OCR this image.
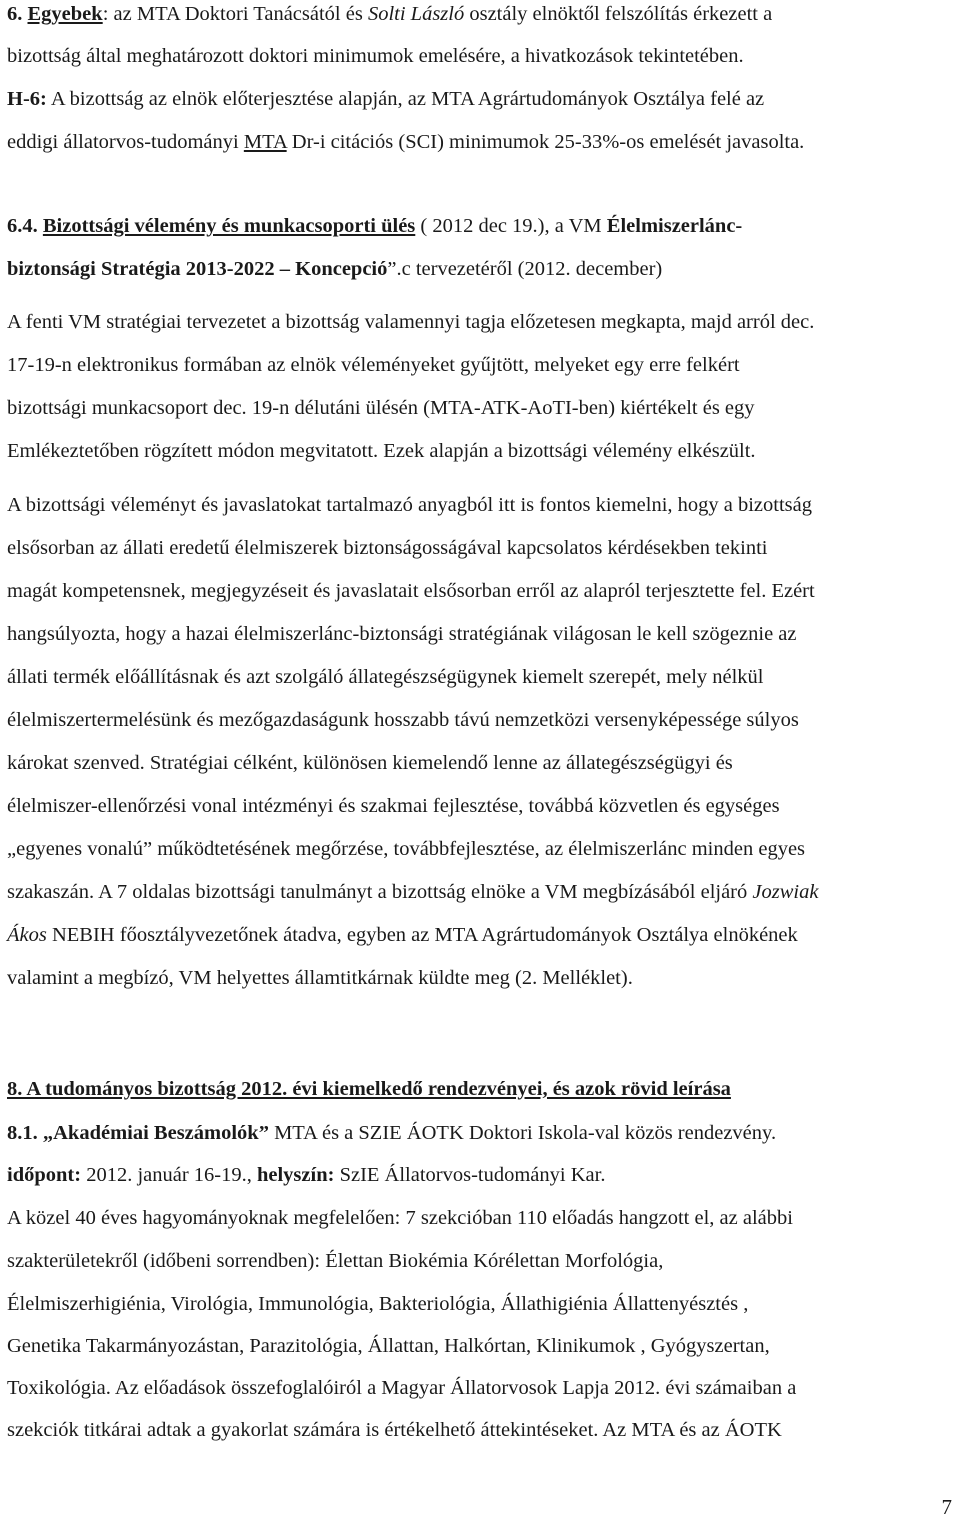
6. Egyebek: az MTA Doktori Tanácsától és Solti László osztály elnöktől felszólítás érkezett a
bizottság által meghatározott doktori minimumok emelésére, a hivatkozások tekintetében.
H-6: A bizottság az elnök előterjesztése alapján, az MTA Agrártudományok Osztálya felé az
eddigi állatorvos-tudományi MTA Dr-i citációs (SCI) minimumok 25-33%-os emelését javasolta.
6.4. Bizottsági vélemény és munkacsoporti ülés ( 2012 dec 19.), a VM Élelmiszerlánc-
biztonsági Stratégia 2013-2022 – Koncepció”.c tervezetéről (2012. december)
A fenti VM stratégiai tervezetet a bizottság valamennyi tagja előzetesen megkapta, majd arról dec.
17-19-n elektronikus formában az elnök véleményeket gyűjtött, melyeket egy erre felkért
bizottsági munkacsoport dec. 19-n délutáni ülésén (MTA-ATK-AoTI-ben) kiértékelt és egy
Emlékeztetőben rögzített módon megvitatott. Ezek alapján a bizottsági vélemény elkészült.
A bizottsági véleményt és javaslatokat tartalmazó anyagból itt is fontos kiemelni, hogy a bizottság
elsősorban az állati eredetű élelmiszerek biztonságosságával kapcsolatos kérdésekben tekinti
magát kompetensnek, megjegyzéseit és javaslatait elsősorban erről az alapról terjesztette fel. Ezért
hangsúlyozta, hogy a hazai élelmiszerlánc-biztonsági stratégiának világosan le kell szögeznie az
állati termék előállításnak és azt szolgáló állategészségügynek kiemelt szerepét, mely nélkül
élelmiszertermelésünk és mezőgazdaságunk hosszabb távú nemzetközi versenyképessége súlyos
károkat szenved. Stratégiai célként, különösen kiemelendő lenne az állategészségügyi és
élelmiszer-ellenőrzési vonal intézményi és szakmai fejlesztése, továbbá közvetlen és egységes
„egyenes vonalú” működtetésének megőrzése, továbbfejlesztése, az élelmiszerlánc minden egyes
szakaszán. A 7 oldalas bizottsági tanulmányt a bizottság elnöke a VM megbízásából eljáró Jozwiak
Ákos NEBIH főosztályvezetőnek átadva, egyben az MTA Agrártudományok Osztálya elnökének
valamint a megbízó, VM helyettes államtitkárnak küldte meg (2. Melléklet).
8. A tudományos bizottság 2012. évi kiemelkedő rendezvényei, és azok rövid leírása
8.1. „Akadémiai Beszámolók” MTA és a SZIE ÁOTK Doktori Iskola-val közös rendezvény.
időpont: 2012. január 16-19., helyszín: SzIE Állatorvos-tudományi Kar.
A közel 40 éves hagyományoknak megfelelően: 7 szekcióban 110 előadás hangzott el, az alábbi
szakterületekről (időbeni sorrendben): Élettan Biokémia Kórélettan Morfológia,
Élelmiszerhigiénia, Virológia, Immunológia, Bakteriológia, Állathigiénia Állattenyésztés ,
Genetika Takarmányozástan, Parazitológia, Állattan, Halkórtan, Klinikumok , Gyógyszertan,
Toxikológia. Az előadások összefoglalóiról a Magyar Állatorvosok Lapja 2012. évi számaiban a
szekciók titkárai adtak a gyakorlat számára is értékelhető áttekintéseket. Az MTA és az ÁOTK
7
